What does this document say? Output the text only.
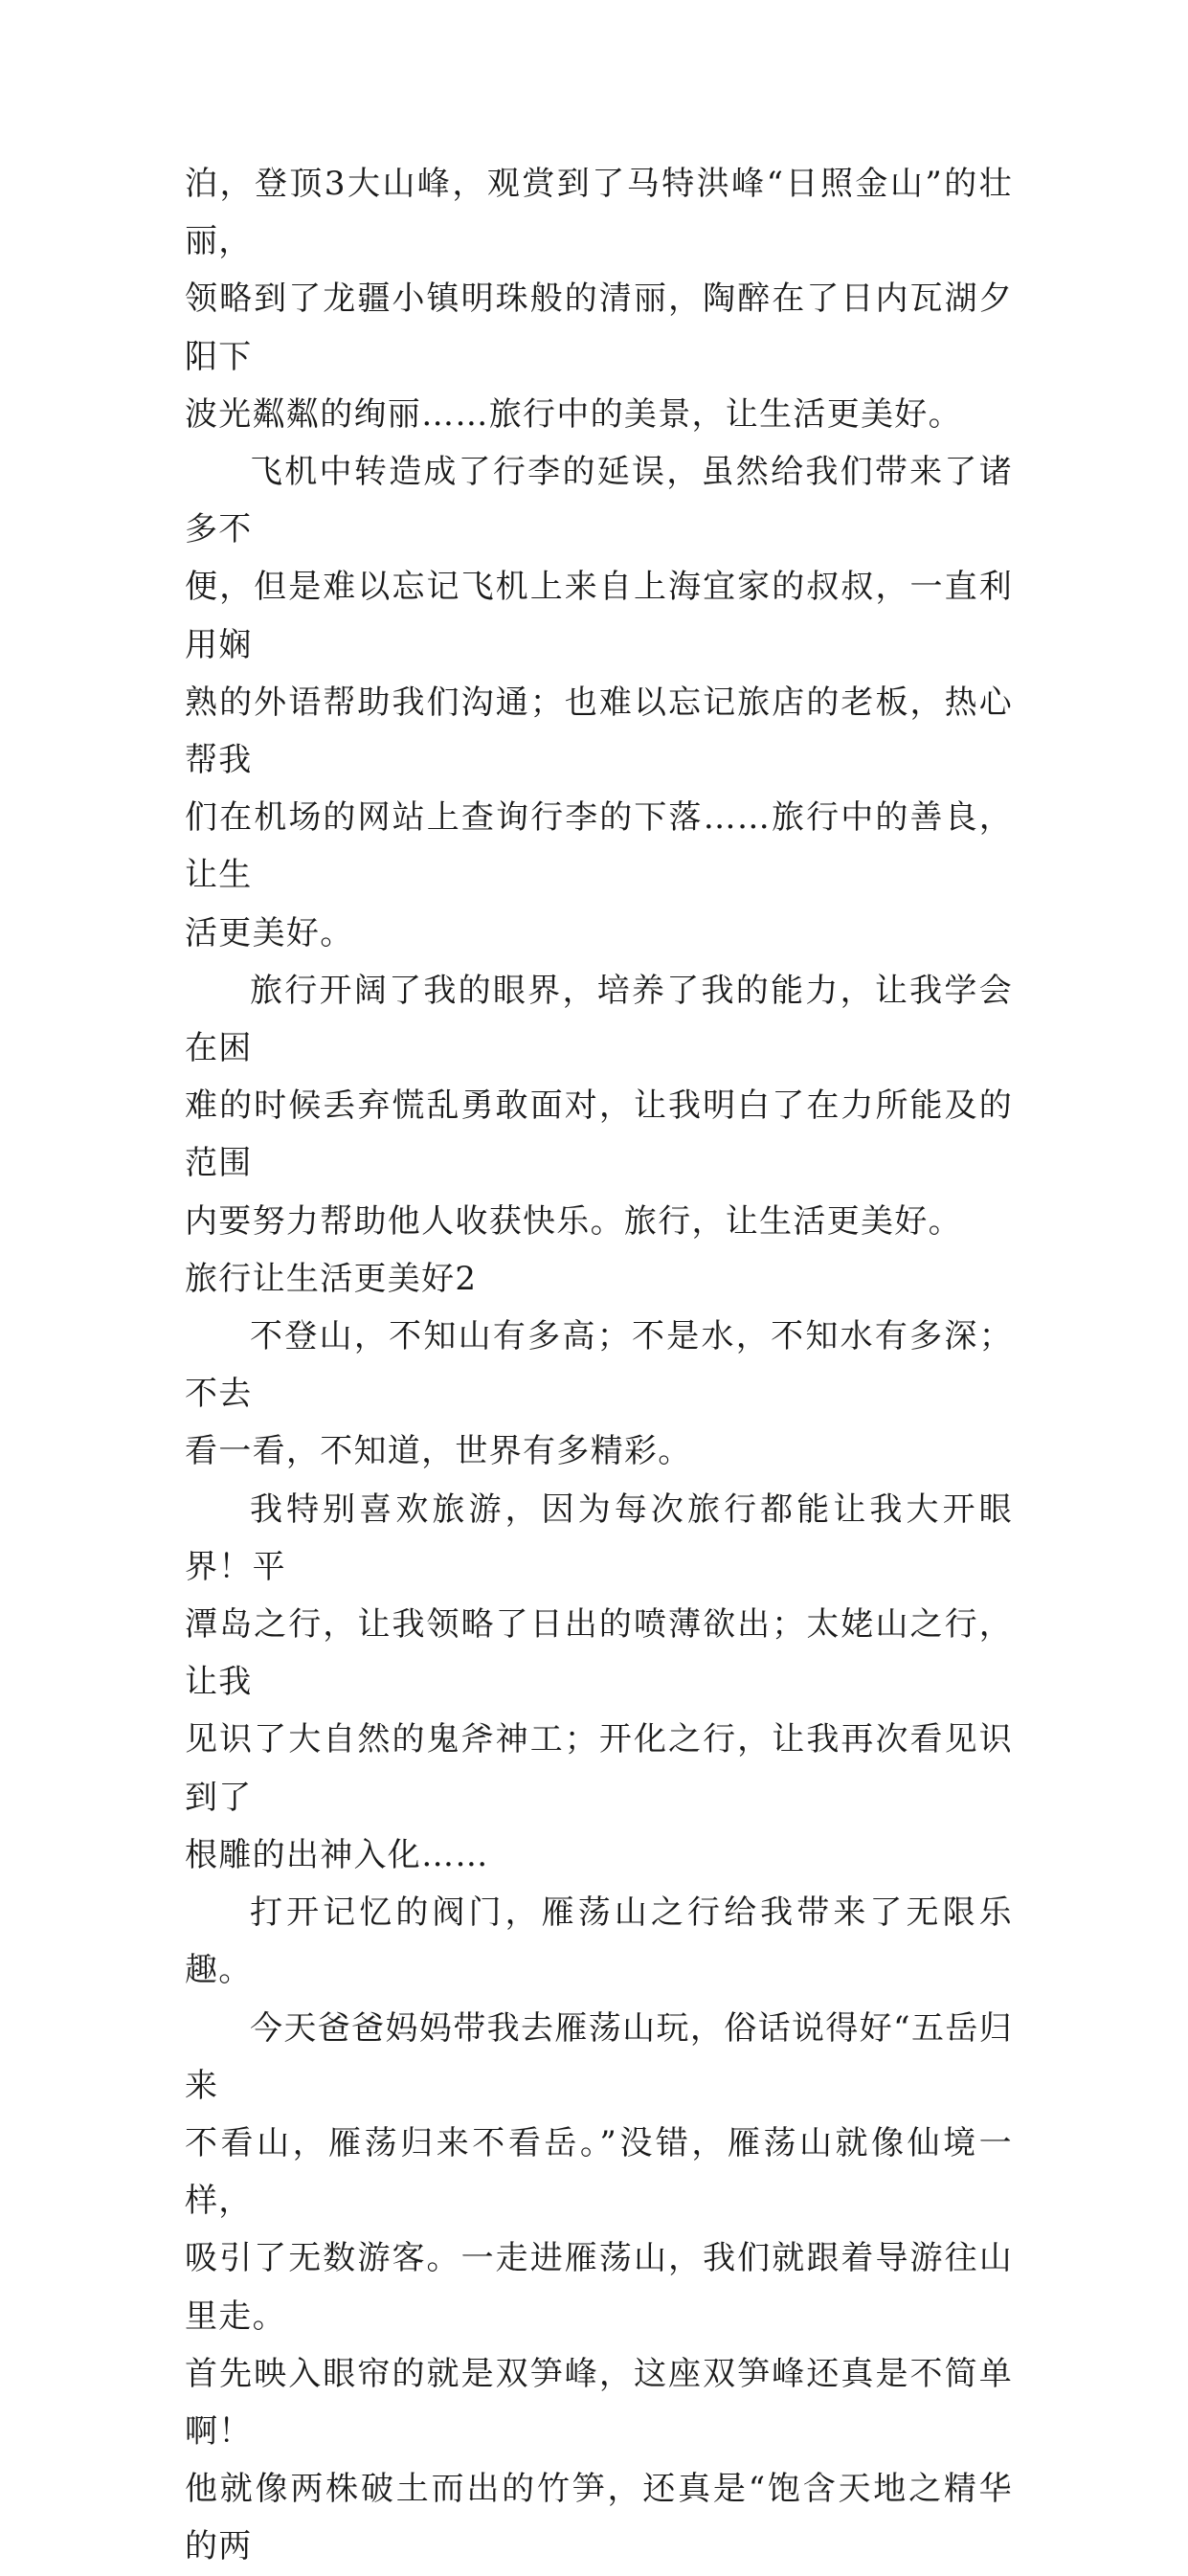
泊，登顶3大山峰，观赏到了马特洪峰“日照金山”的壮丽，
领略到了龙疆小镇明珠般的清丽，陶醉在了日内瓦湖夕阳下
波光粼粼的绚丽……旅行中的美景，让生活更美好。

飞机中转造成了行李的延误，虽然给我们带来了诸多不
便，但是难以忘记飞机上来自上海宜家的叔叔，一直利用娴
熟的外语帮助我们沟通；也难以忘记旅店的老板，热心帮我
们在机场的网站上查询行李的下落……旅行中的善良，让生
活更美好。

旅行开阔了我的眼界，培养了我的能力，让我学会在困
难的时候丢弃慌乱勇敢面对，让我明白了在力所能及的范围
内要努力帮助他人收获快乐。旅行，让生活更美好。

旅行让生活更美好2

不登山，不知山有多高；不是水，不知水有多深；不去
看一看，不知道，世界有多精彩。

我特别喜欢旅游，因为每次旅行都能让我大开眼界！平
潭岛之行，让我领略了日出的喷薄欲出；太姥山之行，让我
见识了大自然的鬼斧神工；开化之行，让我再次看见识到了
根雕的出神入化……

打开记忆的阀门，雁荡山之行给我带来了无限乐趣。

今天爸爸妈妈带我去雁荡山玩，俗话说得好“五岳归来
不看山，雁荡归来不看岳。”没错，雁荡山就像仙境一样，
吸引了无数游客。一走进雁荡山，我们就跟着导游往山里走。
首先映入眼帘的就是双笋峰，这座双笋峰还真是不简单啊！
他就像两株破土而出的竹笋，还真是“饱含天地之精华的两
